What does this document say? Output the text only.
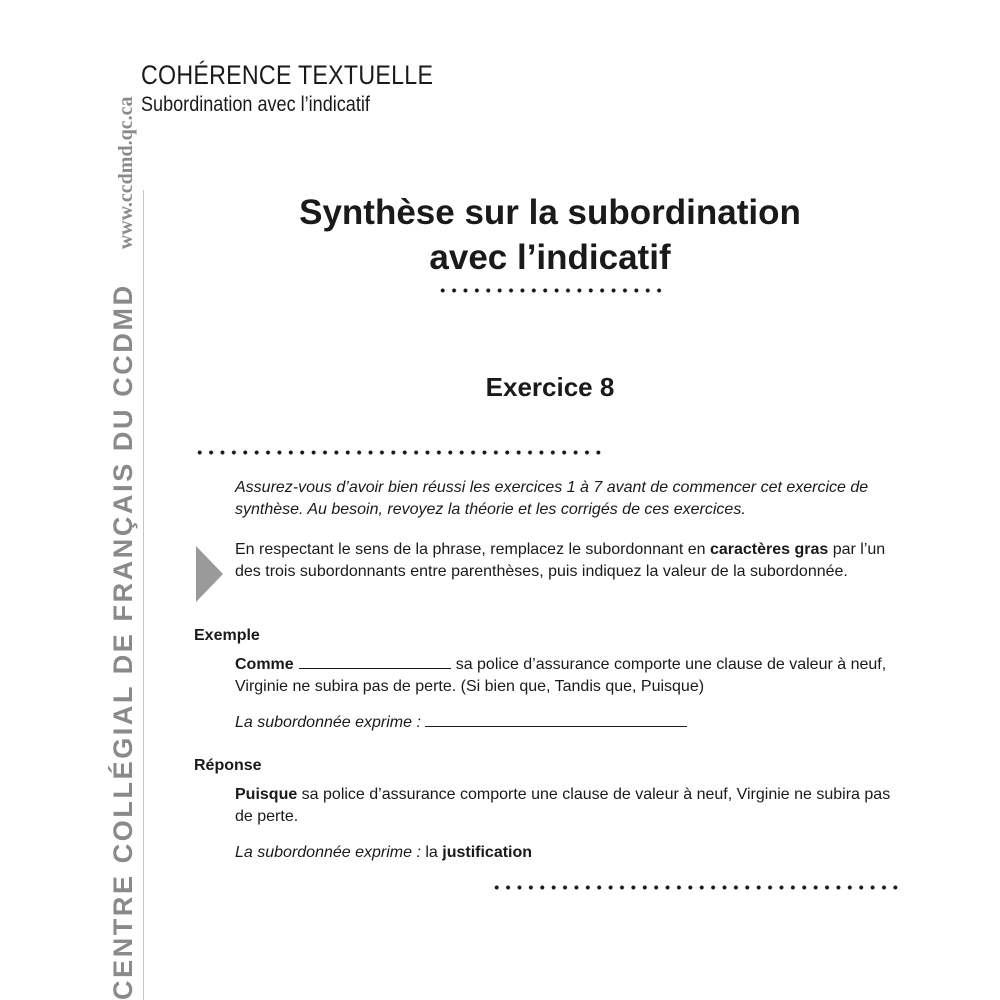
COHÉRENCE TEXTUELLE
Subordination avec l’indicatif
CENTRE COLLÉGIAL DE FRANÇAIS DU CCDMD
www.ccdmd.qc.ca	Synthèse sur la subordination
avec l’indicatif
Exercice 8

Assurez-vous d’avoir bien réussi les exercices 1 à 7 avant de commencer cet exercice de synthèse. Au besoin, revoyez la théorie et les corrigés de ces exercices.

En respectant le sens de la phrase, remplacez le subordonnant en caractères gras par l’un des trois subordonnants entre parenthèses, puis indiquez la valeur de la subordonnée.

Exemple

Comme	sa police d’assurance comporte une clause de valeur à neuf, Virginie ne subira pas de perte. (Si bien que, Tandis que, Puisque)

La subordonnée exprime :

Réponse

Puisque sa police d’assurance comporte une clause de valeur à neuf, Virginie ne subira pas de perte.

La subordonnée exprime : la justification
